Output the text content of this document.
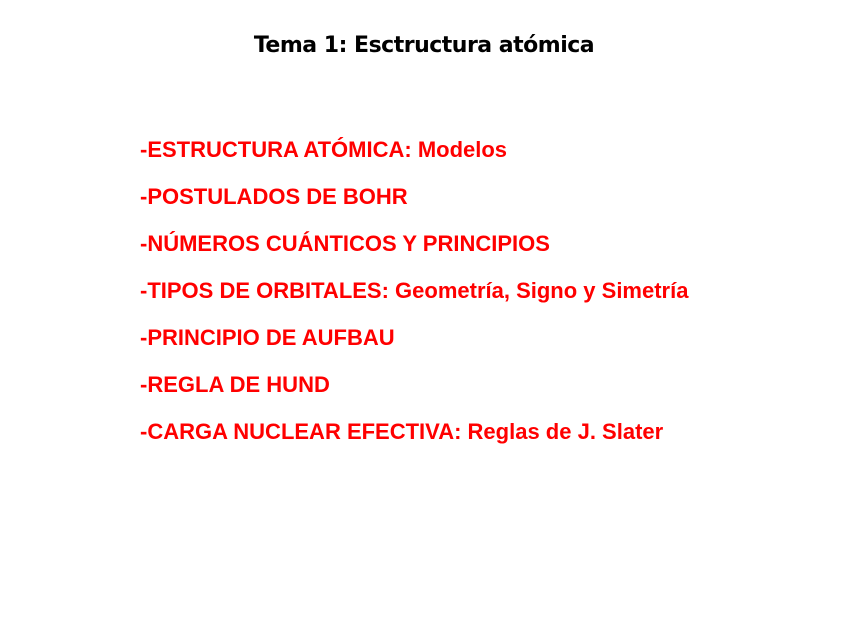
Tema 1: Esctructura atómica
-ESTRUCTURA ATÓMICA: Modelos
-POSTULADOS DE BOHR
-NÚMEROS CUÁNTICOS Y PRINCIPIOS
-TIPOS DE ORBITALES: Geometría, Signo y Simetría
-PRINCIPIO DE AUFBAU
-REGLA DE HUND
-CARGA NUCLEAR EFECTIVA: Reglas de J. Slater
